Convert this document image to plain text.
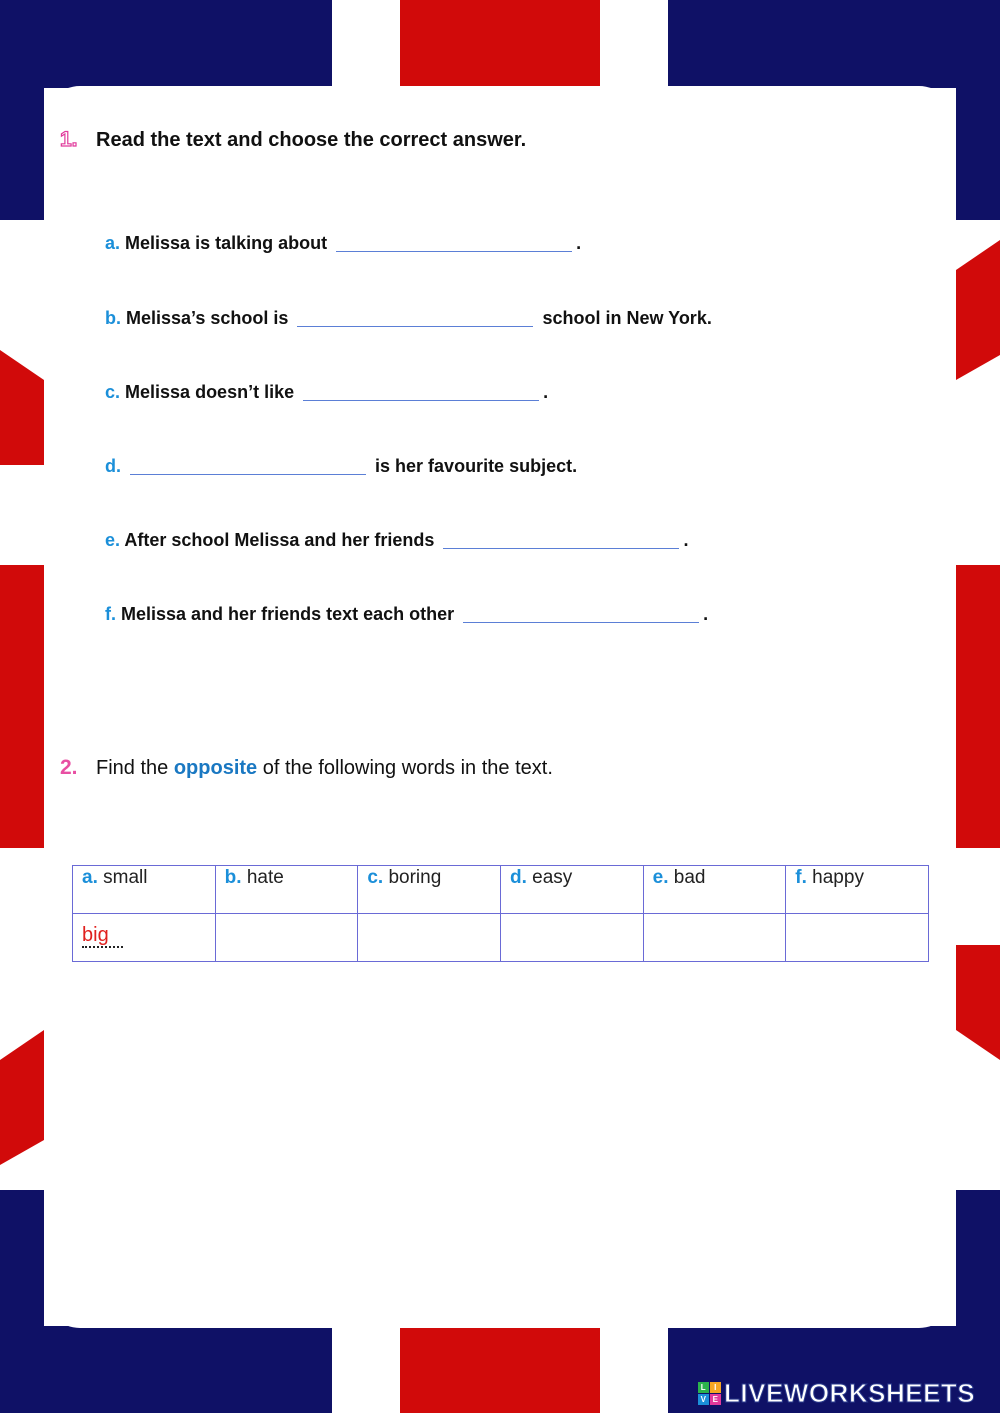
1. Read the text and choose the correct answer.
a. Melissa is talking about	.
b. Melissa’s school is	school in New York.
c. Melissa doesn’t like	.
d.	is her favourite subject.
e. After school Melissa and her friends	.
f. Melissa and her friends text each other	.
2. Find the
opposite
of the following words in the text.
a. small	b. hate	c. boring	d. easy	e. bad	f. happy
big					
L I
V E LIVEWORKSHEETS
